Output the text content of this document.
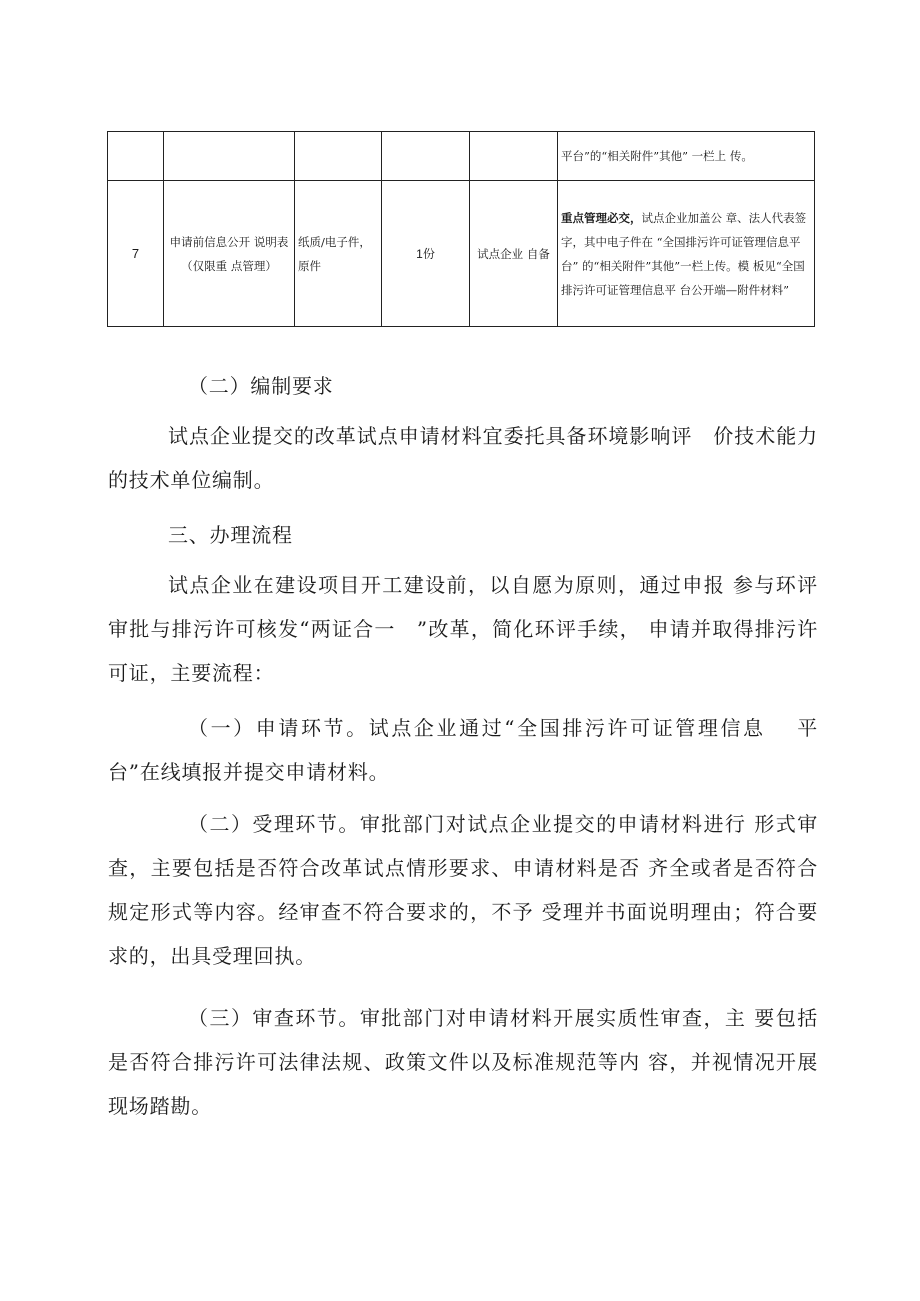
					平台”的“相关附件”其他” 一栏上 传。
7	申请前信息公开 说明表（仅限重 点管理）	纸质/电子件，原件	1份	试点企业 自备	重点管理必交，试点企业加盖公 章、法人代表签字，其中电子件在 “全国排污许可证管理信息平台” 的“相关附件”其他”一栏上传。模 板见“全国排污许可证管理信息平 台公开端—附件材料”

（二）编制要求

试点企业提交的改革试点申请材料宜委托具备环境影响评　价技术能力的技术单位编制。

三、办理流程

试点企业在建设项目开工建设前，以自愿为原则，通过申报 参与环评审批与排污许可核发“两证合一　”改革，简化环评手续， 申请并取得排污许可证，主要流程：

（一）申请环节。试点企业通过“全国排污许可证管理信息　 平台”在线填报并提交申请材料。

（二）受理环节。审批部门对试点企业提交的申请材料进行 形式审查，主要包括是否符合改革试点情形要求、申请材料是否 齐全或者是否符合规定形式等内容。经审查不符合要求的，不予 受理并书面说明理由；符合要求的，出具受理回执。

（三）审查环节。审批部门对申请材料开展实质性审查，主 要包括是否符合排污许可法律法规、政策文件以及标准规范等内 容，并视情况开展现场踏勘。
